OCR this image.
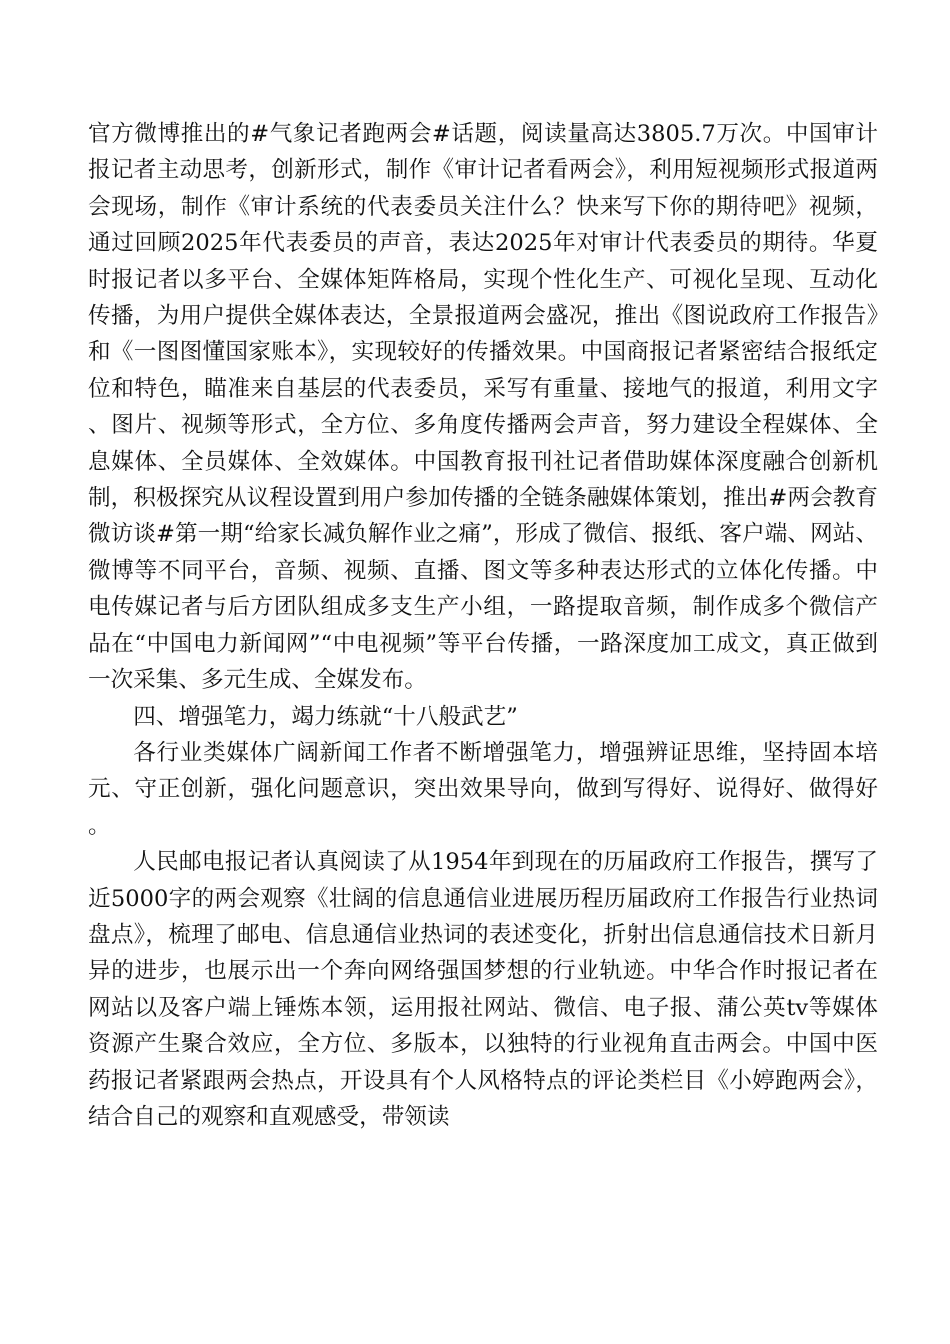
官方微博推出的#气象记者跑两会#话题，阅读量高达3805.7万次。中国审计报记者主动思考，创新形式，制作《审计记者看两会》，利用短视频形式报道两会现场，制作《审计系统的代表委员关注什么？快来写下你的期待吧》视频，通过回顾2025年代表委员的声音，表达2025年对审计代表委员的期待。华夏时报记者以多平台、全媒体矩阵格局，实现个性化生产、可视化呈现、互动化传播，为用户提供全媒体表达，全景报道两会盛况，推出《图说政府工作报告》和《一图图懂国家账本》，实现较好的传播效果。中国商报记者紧密结合报纸定位和特色，瞄准来自基层的代表委员，采写有重量、接地气的报道，利用文字、图片、视频等形式，全方位、多角度传播两会声音，努力建设全程媒体、全息媒体、全员媒体、全效媒体。中国教育报刊社记者借助媒体深度融合创新机制，积极探究从议程设置到用户参加传播的全链条融媒体策划，推出#两会教育微访谈#第一期“给家长减负解作业之痛”，形成了微信、报纸、客户端、网站、微博等不同平台，音频、视频、直播、图文等多种表达形式的立体化传播。中电传媒记者与后方团队组成多支生产小组，一路提取音频，制作成多个微信产品在“中国电力新闻网”“中电视频”等平台传播，一路深度加工成文，真正做到一次采集、多元生成、全媒发布。

四、增强笔力，竭力练就“十八般武艺”

各行业类媒体广阔新闻工作者不断增强笔力，增强辨证思维，坚持固本培元、守正创新，强化问题意识，突出效果导向，做到写得好、说得好、做得好。

人民邮电报记者认真阅读了从1954年到现在的历届政府工作报告，撰写了近5000字的两会观察《壮阔的信息通信业进展历程历届政府工作报告行业热词盘点》，梳理了邮电、信息通信业热词的表述变化，折射出信息通信技术日新月异的进步，也展示出一个奔向网络强国梦想的行业轨迹。中华合作时报记者在网站以及客户端上锤炼本领，运用报社网站、微信、电子报、蒲公英tv等媒体资源产生聚合效应，全方位、多版本，以独特的行业视角直击两会。中国中医药报记者紧跟两会热点，开设具有个人风格特点的评论类栏目《小婷跑两会》，结合自己的观察和直观感受，带领读
